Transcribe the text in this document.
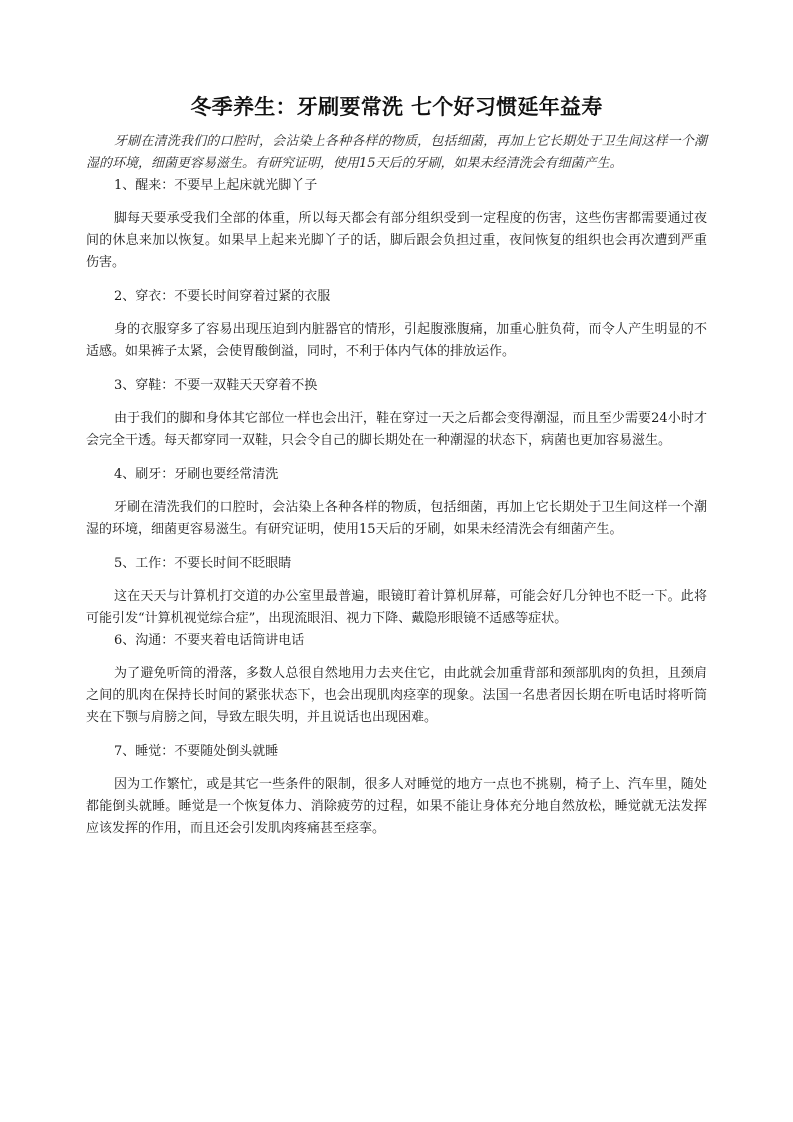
冬季养生：牙刷要常洗 七个好习惯延年益寿

牙刷在清洗我们的口腔时，会沾染上各种各样的物质，包括细菌，再加上它长期处于卫生间这样一个潮湿的环境，细菌更容易滋生。有研究证明，使用15天后的牙刷，如果未经清洗会有细菌产生。

1、醒来：不要早上起床就光脚丫子

脚每天要承受我们全部的体重，所以每天都会有部分组织受到一定程度的伤害，这些伤害都需要通过夜间的休息来加以恢复。如果早上起来光脚丫子的话，脚后跟会负担过重，夜间恢复的组织也会再次遭到严重伤害。

2、穿衣：不要长时间穿着过紧的衣服

身的衣服穿多了容易出现压迫到内脏器官的情形，引起腹涨腹痛，加重心脏负荷，而令人产生明显的不适感。如果裤子太紧，会使胃酸倒溢，同时，不利于体内气体的排放运作。

3、穿鞋：不要一双鞋天天穿着不换

由于我们的脚和身体其它部位一样也会出汗，鞋在穿过一天之后都会变得潮湿，而且至少需要24小时才会完全干透。每天都穿同一双鞋，只会令自己的脚长期处在一种潮湿的状态下，病菌也更加容易滋生。

4、刷牙：牙刷也要经常清洗

牙刷在清洗我们的口腔时，会沾染上各种各样的物质，包括细菌，再加上它长期处于卫生间这样一个潮湿的环境，细菌更容易滋生。有研究证明，使用15天后的牙刷，如果未经清洗会有细菌产生。

5、工作：不要长时间不眨眼睛

这在天天与计算机打交道的办公室里最普遍，眼镜盯着计算机屏幕，可能会好几分钟也不眨一下。此将可能引发“计算机视觉综合症”，出现流眼泪、视力下降、戴隐形眼镜不适感等症状。

6、沟通：不要夹着电话筒讲电话

为了避免听筒的滑落，多数人总很自然地用力去夹住它，由此就会加重背部和颈部肌肉的负担，且颈肩之间的肌肉在保持长时间的紧张状态下，也会出现肌肉痉挛的现象。法国一名患者因长期在听电话时将听筒夹在下颚与肩膀之间，导致左眼失明，并且说话也出现困难。

7、睡觉：不要随处倒头就睡

因为工作繁忙，或是其它一些条件的限制，很多人对睡觉的地方一点也不挑剔，椅子上、汽车里，随处都能倒头就睡。睡觉是一个恢复体力、消除疲劳的过程，如果不能让身体充分地自然放松，睡觉就无法发挥应该发挥的作用，而且还会引发肌肉疼痛甚至痉挛。
